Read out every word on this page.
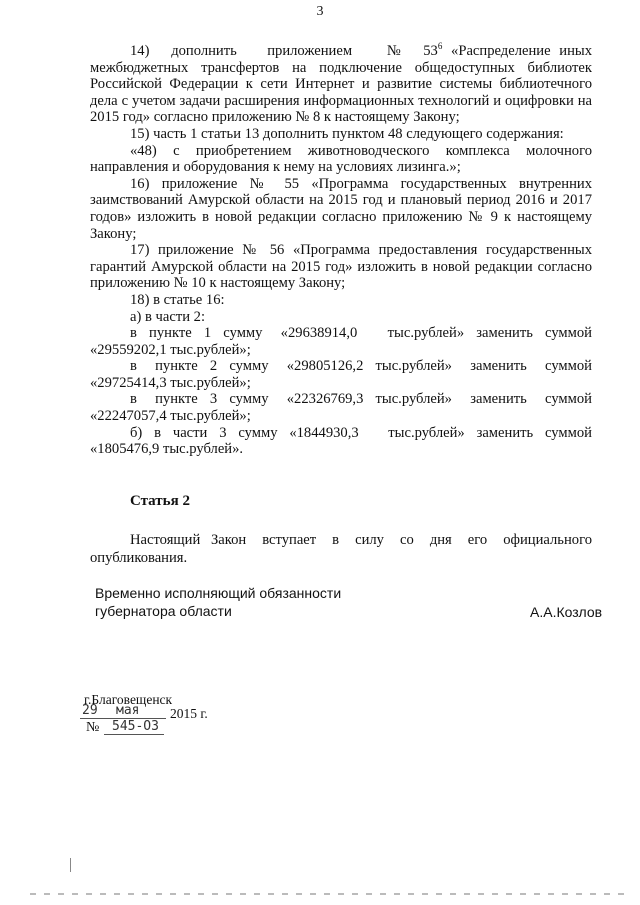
3

14)     дополнить       приложением        №     $53^6$  «Распределение  иных межбюджетных трансфертов на подключение общедоступных библиотек Российской Федерации к сети Интернет и развитие системы библиотечного дела с учетом задачи расширения информационных технологий и оцифровки на 2015 год» согласно приложению № 8 к настоящему Закону;

15) часть 1 статьи 13 дополнить пунктом 48 следующего содержания:

«48) с приобретением животноводческого комплекса молочного направления и оборудования к нему на условиях лизинга.»;

16) приложение № 55 «Программа государственных внутренних заимствований Амурской области на 2015 год и плановый период 2016 и 2017 годов» изложить в новой редакции согласно приложению № 9 к настоящему Закону;

17) приложение № 56 «Программа предоставления государственных гарантий Амурской области на 2015 год» изложить в новой редакции согласно приложению № 10 к настоящему Закону;

18) в статье 16:

а) в части 2:

в  пункте  1  сумму   «29638914,0     тыс.рублей»  заменить  суммой «29559202,1 тыс.рублей»;

в   пункте  2  сумму   «29805126,2  тыс.рублей»   заменить   суммой «29725414,3 тыс.рублей»;

в   пункте  3  сумму   «22326769,3  тыс.рублей»   заменить   суммой «22247057,4 тыс.рублей»;

б)  в  части  3  сумму  «1844930,3     тыс.рублей»  заменить  суммой «1805476,9 тыс.рублей».

Статья 2

Настоящий  Закон   вступает   в   силу   со   дня   его   официального опубликования.

Временно исполняющий обязанности
губернатора области	А.А.Козлов
г.Благовещенск
29 мая 2015 г.
№ 545-ОЗ
